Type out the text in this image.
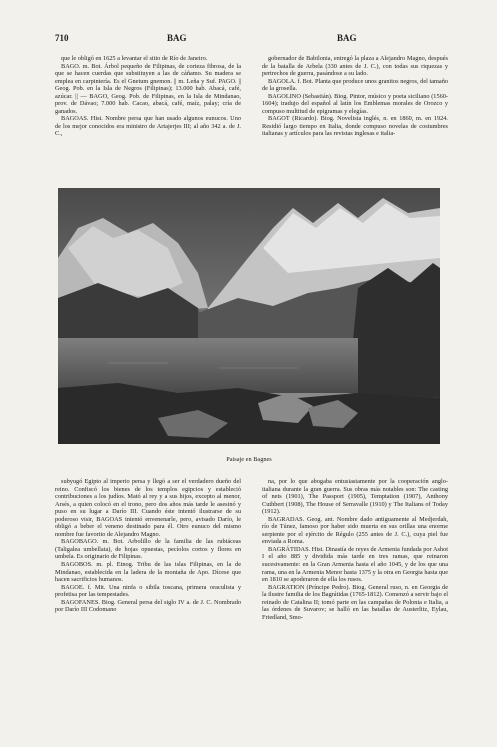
710	BAG	BAG

que le obligó en 1625 a levantar el sitio de Río de Janeiro.

BAGO. m. Bot. Árbol pequeño de Filipinas, de corteza fibrosa, de la que se hacen cuerdas que substituyen a las de cáñamo. Su madera se emplea en carpintería. Es el Gnetum gnemon. || m. Leña y Suf. PAGO. || Geog. Pob. en la Isla de Negros (Filipinas); 13.000 hab. Abacá, café, azúcar. || — BAGO, Geog. Pob. de Filipinas, en la Isla de Mindanao, prov. de Dávao; 7.000 hab. Cacao, abacá, café, maíz, palay; cría de ganados.

BAGOAS. Hist. Nombre persa que han usado algunos eunucos. Uno de los mejor conocidos era ministro de Artajerjes III; al año 342 a. de J. C.,

gobernador de Babilonia, entregó la plaza a Alejandro Magno, después de la batalla de Arbela (330 antes de J. C.), con todas sus riquezas y pertrechos de guerra, pasándose a su lado.

BAGOLA. f. Bot. Planta que produce unos granitos negros, del tamaño de la grosella.

BAGOLINO (Sebastián). Biog. Pintor, músico y poeta siciliano (1560-1604); tradujo del español al latín los Emblemas morales de Orozco y compuso multitud de epigramas y elegías.

BAGOT (Ricardo). Biog. Novelista inglés, n. en 1860, m. en 1924. Residió largo tiempo en Italia, donde compuso novelas de costumbres italianas y artículos para las revistas inglesas e italia-

Paisaje en Bagnes

subyugó Egipto al imperio persa y llegó a ser el verdadero dueño del reino. Confiscó los bienes de los templos egipcios y estableció contribuciones a los judíos. Mató al rey y a sus hijos, excepto al menor, Arsés, a quien colocó en el trono, pero dos años más tarde le asesinó y puso en su lugar a Darío III. Cuando éste intentó ilustrarse de su poderoso visir, BAGOAS intentó envenenarle, pero, avisado Darío, le obligó a beber el veneno destinado para él. Otro eunuco del mismo nombre fue favorito de Alejandro Magno.

BAGOBAGO. m. Bot. Arbolillo de la familia de las rubiáceas (Taligalea umbellata), de hojas opuestas, pecíolos cortos y flores en umbela. Es originario de Filipinas.

BAGOBOS. m. pl. Etnog. Tribu de las islas Filipinas, en la de Mindanao, establecida en la ladera de la montaña de Apo. Dícese que hacen sacrificios humanos.

BAGOE. f. Mit. Una ninfa o sibila toscana, primera oraculista y profetisa por las tempestades.

BAGOFANES. Biog. General persa del siglo IV a. de J. C. Nombrado por Darío III Codomano

na, por lo que abogaba entusiastamente por la cooperación anglo-italiana durante la gran guerra. Sus obras más notables son: The casting of nets (1901), The Passport (1905), Temptation (1907), Anthony Cuthbert (1908), The House of Serravalle (1910) y The Italians of Today (1912).

BAGRADAS. Geog. ant. Nombre dado antiguamente al Medjerdah, río de Túnez, famoso por haber sido muerta en sus orillas una enorme serpiente por el ejército de Régulo (255 antes de J. C.), cuya piel fue enviada a Roma.

BAGRÁTIDAS. Hist. Dinastía de reyes de Armenia fundada por Ashot I el año 885 y dividida más tarde en tres ramas, que reinaron sucesivamente: en la Gran Armenia hasta el año 1045, y de los que una rama, una en la Armenia Menor hasta 1375 y la otra en Georgia hasta que en 1810 se apoderaron de ella los rusos.

BAGRATION (Príncipe Pedro). Biog. General ruso, n. en Georgia de la ilustre familia de los Bagrátidas (1765-1812). Comenzó a servir bajo el reinado de Catalina II; tomó parte en las campañas de Polonia e Italia, a las órdenes de Suvarov; se halló en las batallas de Austerlitz, Eylau, Friedland, Smo-
